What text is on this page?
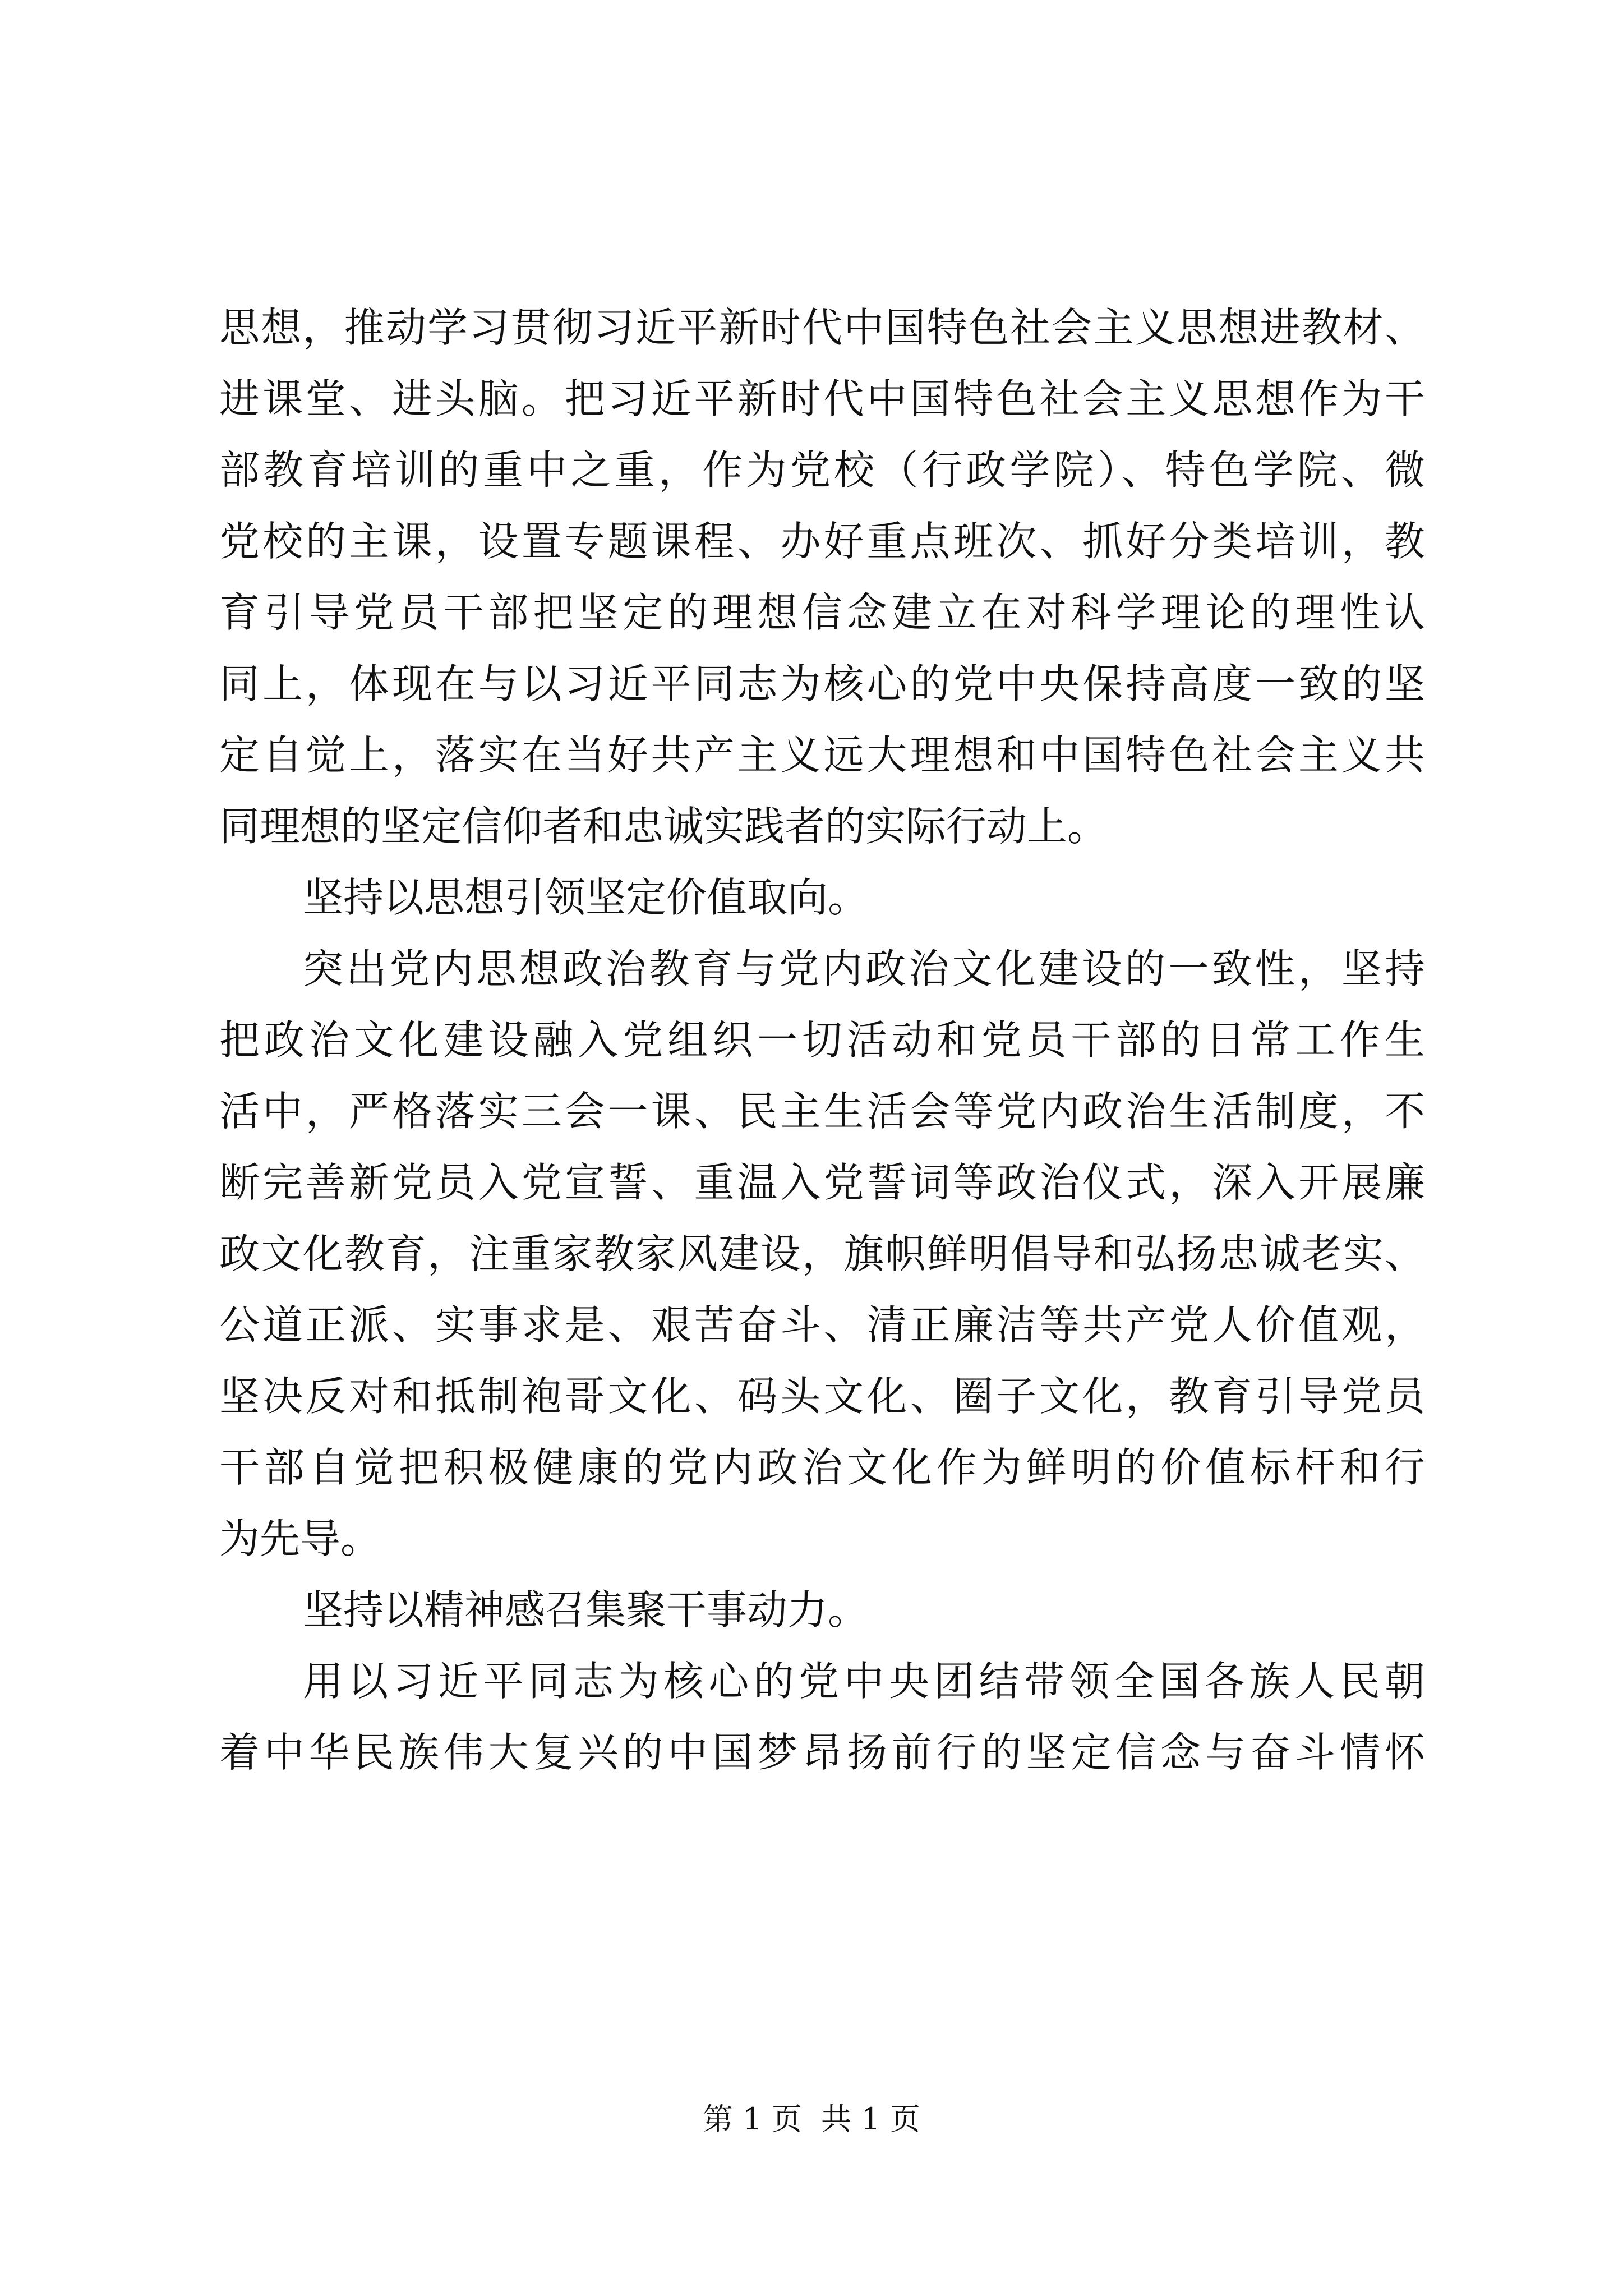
思想，推动学习贯彻习近平新时代中国特色社会主义思想进教材、
进课堂、进头脑。把习近平新时代中国特色社会主义思想作为干
部教育培训的重中之重，作为党校（行政学院）、特色学院、微
党校的主课，设置专题课程、办好重点班次、抓好分类培训，教
育引导党员干部把坚定的理想信念建立在对科学理论的理性认
同上，体现在与以习近平同志为核心的党中央保持高度一致的坚
定自觉上，落实在当好共产主义远大理想和中国特色社会主义共
同理想的坚定信仰者和忠诚实践者的实际行动上。
坚持以思想引领坚定价值取向。
突出党内思想政治教育与党内政治文化建设的一致性，坚持
把政治文化建设融入党组织一切活动和党员干部的日常工作生
活中，严格落实三会一课、民主生活会等党内政治生活制度，不
断完善新党员入党宣誓、重温入党誓词等政治仪式，深入开展廉
政文化教育，注重家教家风建设，旗帜鲜明倡导和弘扬忠诚老实、
公道正派、实事求是、艰苦奋斗、清正廉洁等共产党人价值观，
坚决反对和抵制袍哥文化、码头文化、圈子文化，教育引导党员
干部自觉把积极健康的党内政治文化作为鲜明的价值标杆和行
为先导。
坚持以精神感召集聚干事动力。
用以习近平同志为核心的党中央团结带领全国各族人民朝
着中华民族伟大复兴的中国梦昂扬前行的坚定信念与奋斗情怀
第 1 页  共 1 页
